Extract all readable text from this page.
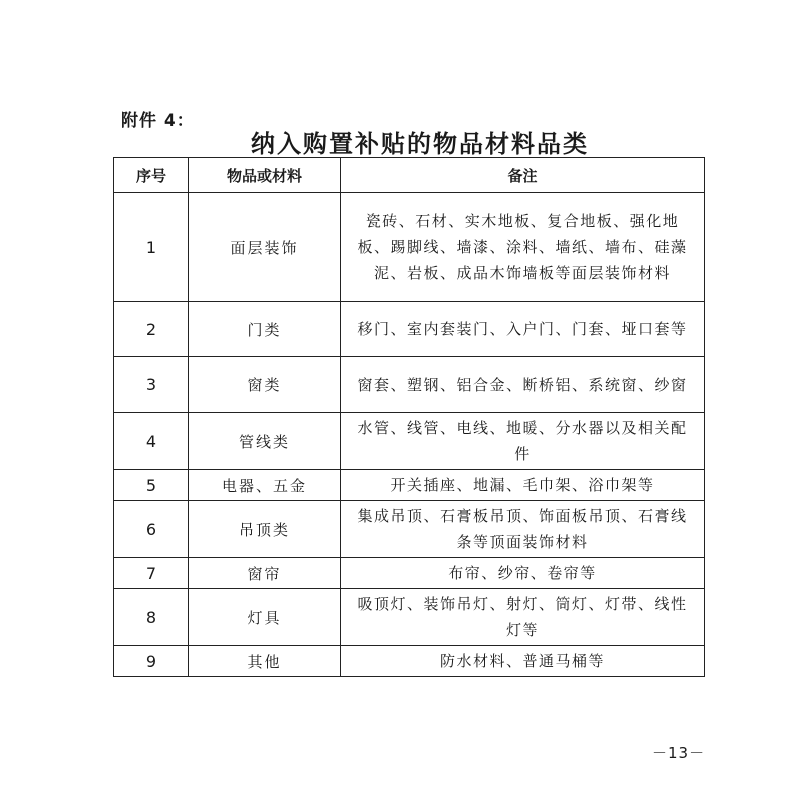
附件 4：
纳入购置补贴的物品材料品类
序号	物品或材料	备注
1	面层装饰	瓷砖、石材、实木地板、复合地板、强化地板、踢脚线、墙漆、涂料、墙纸、墙布、硅藻泥、岩板、成品木饰墙板等面层装饰材料
2	门类	移门、室内套装门、入户门、门套、垭口套等
3	窗类	窗套、塑钢、铝合金、断桥铝、系统窗、纱窗
4	管线类	水管、线管、电线、地暖、分水器以及相关配件
5	电器、五金	开关插座、地漏、毛巾架、浴巾架等
6	吊顶类	集成吊顶、石膏板吊顶、饰面板吊顶、石膏线条等顶面装饰材料
7	窗帘	布帘、纱帘、卷帘等
8	灯具	吸顶灯、装饰吊灯、射灯、筒灯、灯带、线性灯等
9	其他	防水材料、普通马桶等
－13－
